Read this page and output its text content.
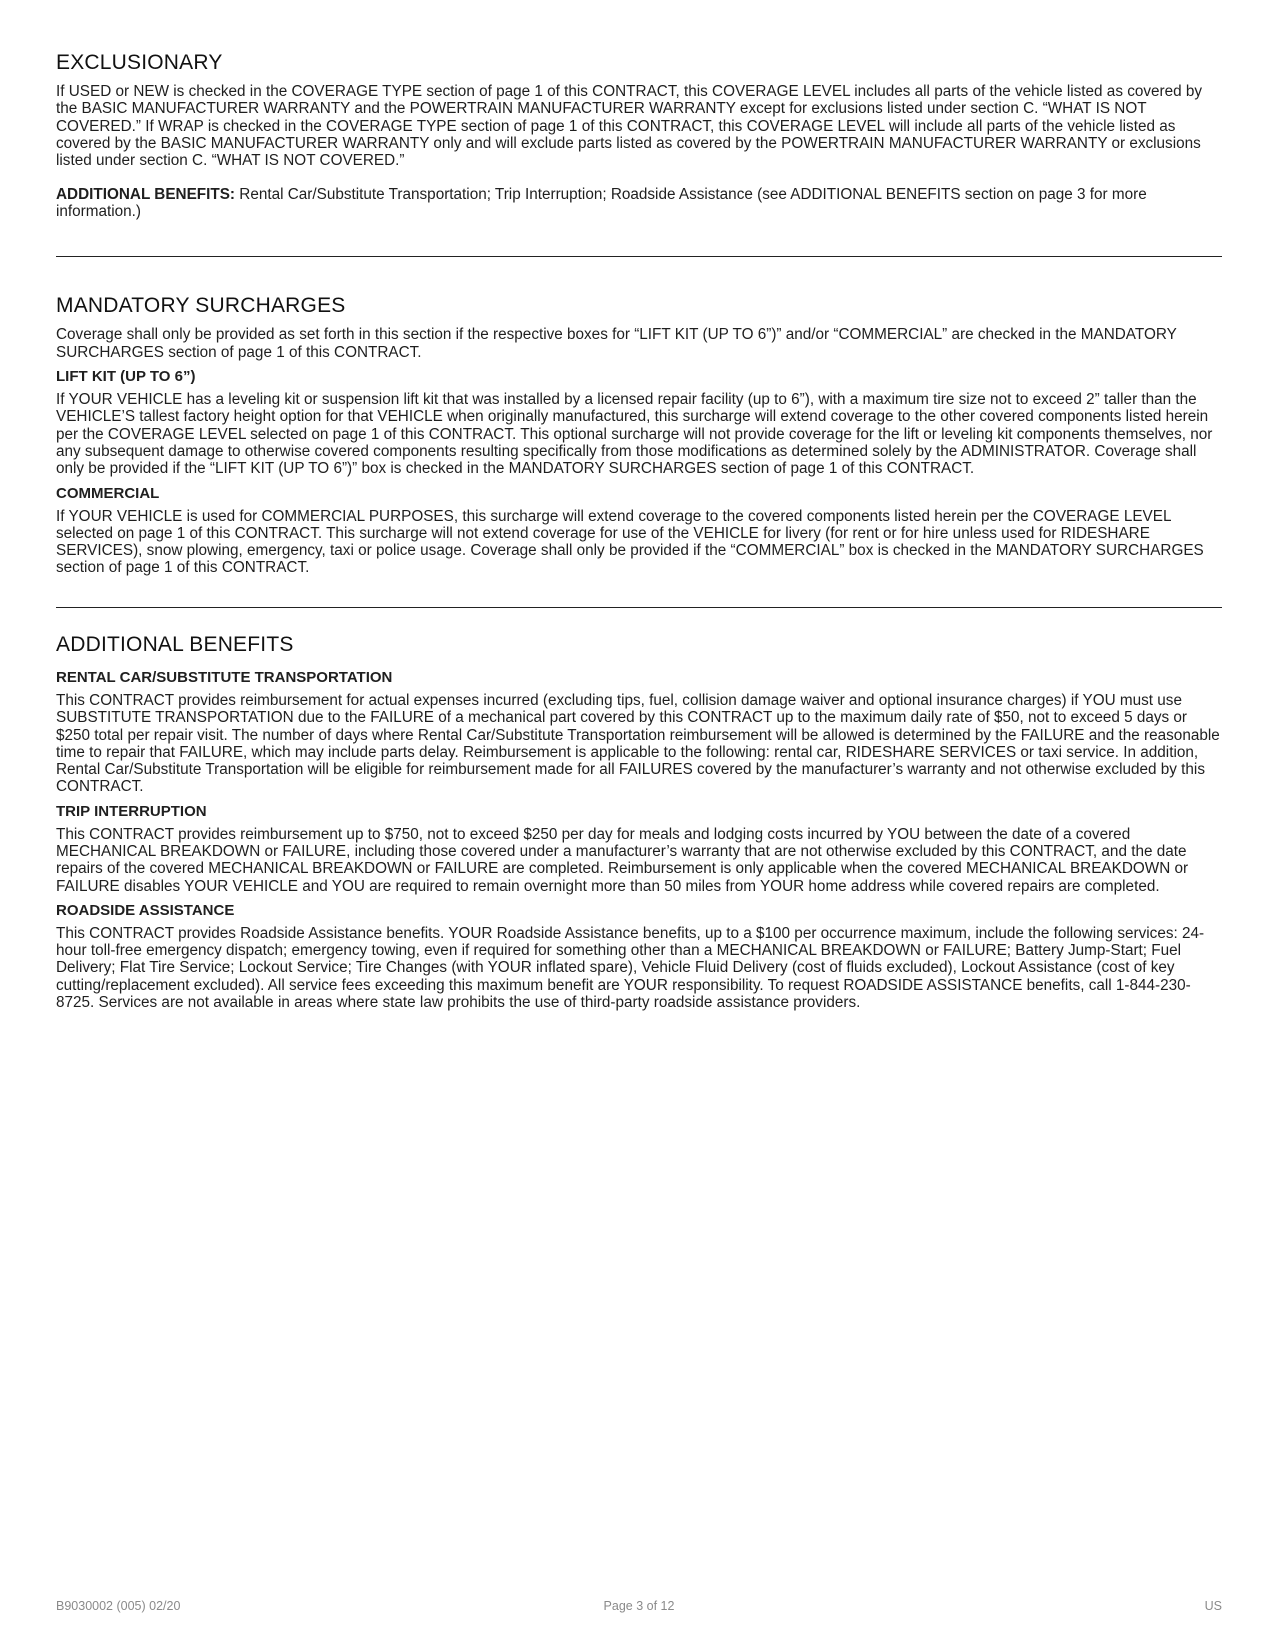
EXCLUSIONARY

If USED or NEW is checked in the COVERAGE TYPE section of page 1 of this CONTRACT, this COVERAGE LEVEL includes all parts of the vehicle listed as covered by the BASIC MANUFACTURER WARRANTY and the POWERTRAIN MANUFACTURER WARRANTY except for exclusions listed under section C. “WHAT IS NOT COVERED.” If WRAP is checked in the COVERAGE TYPE section of page 1 of this CONTRACT, this COVERAGE LEVEL will include all parts of the vehicle listed as covered by the BASIC MANUFACTURER WARRANTY only and will exclude parts listed as covered by the POWERTRAIN MANUFACTURER WARRANTY or exclusions listed under section C. “WHAT IS NOT COVERED.”

ADDITIONAL BENEFITS: Rental Car/Substitute Transportation; Trip Interruption; Roadside Assistance (see ADDITIONAL BENEFITS section on page 3 for more information.)

MANDATORY SURCHARGES

Coverage shall only be provided as set forth in this section if the respective boxes for “LIFT KIT (UP TO 6”)” and/or “COMMERCIAL” are checked in the MANDATORY SURCHARGES section of page 1 of this CONTRACT.

LIFT KIT (UP TO 6”)

If YOUR VEHICLE has a leveling kit or suspension lift kit that was installed by a licensed repair facility (up to 6”), with a maximum tire size not to exceed 2” taller than the VEHICLE’S tallest factory height option for that VEHICLE when originally manufactured, this surcharge will extend coverage to the other covered components listed herein per the COVERAGE LEVEL selected on page 1 of this CONTRACT. This optional surcharge will not provide coverage for the lift or leveling kit components themselves, nor any subsequent damage to otherwise covered components resulting specifically from those modifications as determined solely by the ADMINISTRATOR. Coverage shall only be provided if the “LIFT KIT (UP TO 6”)” box is checked in the MANDATORY SURCHARGES section of page 1 of this CONTRACT.

COMMERCIAL

If YOUR VEHICLE is used for COMMERCIAL PURPOSES, this surcharge will extend coverage to the covered components listed herein per the COVERAGE LEVEL selected on page 1 of this CONTRACT. This surcharge will not extend coverage for use of the VEHICLE for livery (for rent or for hire unless used for RIDESHARE SERVICES), snow plowing, emergency, taxi or police usage. Coverage shall only be provided if the “COMMERCIAL” box is checked in the MANDATORY SURCHARGES section of page 1 of this CONTRACT.

ADDITIONAL BENEFITS
RENTAL CAR/SUBSTITUTE TRANSPORTATION

This CONTRACT provides reimbursement for actual expenses incurred (excluding tips, fuel, collision damage waiver and optional insurance charges) if YOU must use SUBSTITUTE TRANSPORTATION due to the FAILURE of a mechanical part covered by this CONTRACT up to the maximum daily rate of $50, not to exceed 5 days or $250 total per repair visit. The number of days where Rental Car/Substitute Transportation reimbursement will be allowed is determined by the FAILURE and the reasonable time to repair that FAILURE, which may include parts delay. Reimbursement is applicable to the following: rental car, RIDESHARE SERVICES or taxi service. In addition, Rental Car/Substitute Transportation will be eligible for reimbursement made for all FAILURES covered by the manufacturer’s warranty and not otherwise excluded by this CONTRACT.

TRIP INTERRUPTION

This CONTRACT provides reimbursement up to $750, not to exceed $250 per day for meals and lodging costs incurred by YOU between the date of a covered MECHANICAL BREAKDOWN or FAILURE, including those covered under a manufacturer’s warranty that are not otherwise excluded by this CONTRACT, and the date repairs of the covered MECHANICAL BREAKDOWN or FAILURE are completed. Reimbursement is only applicable when the covered MECHANICAL BREAKDOWN or FAILURE disables YOUR VEHICLE and YOU are required to remain overnight more than 50 miles from YOUR home address while covered repairs are completed.

ROADSIDE ASSISTANCE

This CONTRACT provides Roadside Assistance benefits. YOUR Roadside Assistance benefits, up to a $100 per occurrence maximum, include the following services: 24-hour toll-free emergency dispatch; emergency towing, even if required for something other than a MECHANICAL BREAKDOWN or FAILURE; Battery Jump-Start; Fuel Delivery; Flat Tire Service; Lockout Service; Tire Changes (with YOUR inflated spare), Vehicle Fluid Delivery (cost of fluids excluded), Lockout Assistance (cost of key cutting/replacement excluded). All service fees exceeding this maximum benefit are YOUR responsibility. To request ROADSIDE ASSISTANCE benefits, call 1-844-230-8725. Services are not available in areas where state law prohibits the use of third-party roadside assistance providers.

B9030002 (005) 02/20	Page 3 of 12	US
